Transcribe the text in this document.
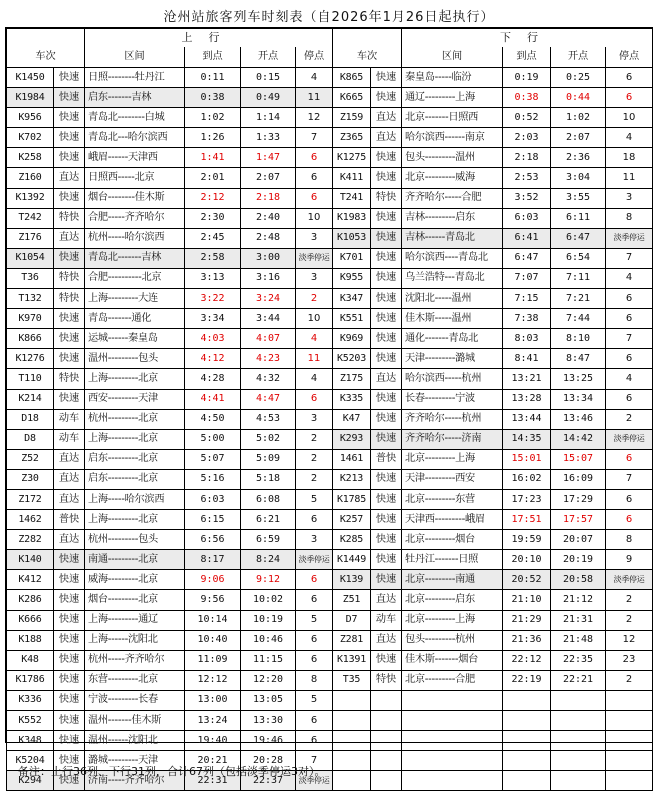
沧州站旅客列车时刻表（自2026年1月26日起执行）
		上行			
车次		区间	到点	开点	停点
K1450	快速	日照--------牡丹江	0:11	0:15	4
K1984	快速	启东-------吉林	0:38	0:49	11
K956	快速	青岛北--------白城	1:02	1:14	12
K702	快速	青岛北---哈尔滨西	1:26	1:33	7
K258	快速	峨眉------天津西	1:41	1:47	6
Z160	直达	日照西-----北京	2:01	2:07	6
K1392	快速	烟台--------佳木斯	2:12	2:18	6
T242	特快	合肥-----齐齐哈尔	2:30	2:40	10
Z176	直达	杭州-----哈尔滨西	2:45	2:48	3
K1054	快速	青岛北-------吉林	2:58	3:00	淡季停运
T36	特快	合肥----------北京	3:13	3:16	3
T132	特快	上海---------大连	3:22	3:24	2
K970	快速	青岛-------通化	3:34	3:44	10
K866	快速	运城------秦皇岛	4:03	4:07	4
K1276	快速	温州---------包头	4:12	4:23	11
T110	特快	上海---------北京	4:28	4:32	4
K214	快速	西安---------天津	4:41	4:47	6
D18	动车	杭州---------北京	4:50	4:53	3
D8	动车	上海---------北京	5:00	5:02	2
Z52	直达	启东---------北京	5:07	5:09	2
Z30	直达	启东---------北京	5:16	5:18	2
Z172	直达	上海-----哈尔滨西	6:03	6:08	5
1462	普快	上海---------北京	6:15	6:21	6
Z282	直达	杭州---------包头	6:56	6:59	3
K140	快速	南通---------北京	8:17	8:24	淡季停运
K412	快速	威海---------北京	9:06	9:12	6
K286	快速	烟台---------北京	9:56	10:02	6
K666	快速	上海---------通辽	10:14	10:19	5
K188	快速	上海------沈阳北	10:40	10:46	6
K48	快速	杭州-----齐齐哈尔	11:09	11:15	6
K1786	快速	东营---------北京	12:12	12:20	8
K336	快速	宁波---------长春	13:00	13:05	5
K552	快速	温州-------佳木斯	13:24	13:30	6
K348	快速	温州------沈阳北	19:40	19:46	6
K5204	快速	潞城---------天津	20:21	20:28	7
K294	快速	济南-----齐齐哈尔	22:31	22:37	淡季停运
		下行			
车次		区间	到点	开点	停点
K865	快速	秦皇岛-----临汾	0:19	0:25	6
K665	快速	通辽---------上海	0:38	0:44	6
Z159	直达	北京-------日照西	0:52	1:02	10
Z365	直达	哈尔滨西------南京	2:03	2:07	4
K1275	快速	包头---------温州	2:18	2:36	18
K411	快速	北京---------威海	2:53	3:04	11
T241	特快	齐齐哈尔-----合肥	3:52	3:55	3
K1983	快速	吉林---------启东	6:03	6:11	8
K1053	快速	吉林------青岛北	6:41	6:47	淡季停运
K701	快速	哈尔滨西----青岛北	6:47	6:54	7
K955	快速	乌兰浩特---青岛北	7:07	7:11	4
K347	快速	沈阳北-----温州	7:15	7:21	6
K551	快速	佳木斯-----温州	7:38	7:44	6
K969	快速	通化-------青岛北	8:03	8:10	7
K5203	快速	天津---------潞城	8:41	8:47	6
Z175	直达	哈尔滨西-----杭州	13:21	13:25	4
K335	快速	长春---------宁波	13:28	13:34	6
K47	快速	齐齐哈尔-----杭州	13:44	13:46	2
K293	快速	齐齐哈尔-----济南	14:35	14:42	淡季停运
1461	普快	北京---------上海	15:01	15:07	6
K213	快速	天津---------西安	16:02	16:09	7
K1785	快速	北京---------东营	17:23	17:29	6
K257	快速	天津西---------峨眉	17:51	17:57	6
K285	快速	北京---------烟台	19:59	20:07	8
K1449	快速	牡丹江-------日照	20:10	20:19	9
K139	快速	北京---------南通	20:52	20:58	淡季停运
Z51	直达	北京---------启东	21:10	21:12	2
D7	动车	北京---------上海	21:29	21:31	2
Z281	直达	包头---------杭州	21:36	21:48	12
K1391	快速	佳木斯-------烟台	22:12	22:35	23
T35	特快	北京---------合肥	22:19	22:21	2

备注：上行36列、下行31列，合计67列（包括淡季停运3对）。
